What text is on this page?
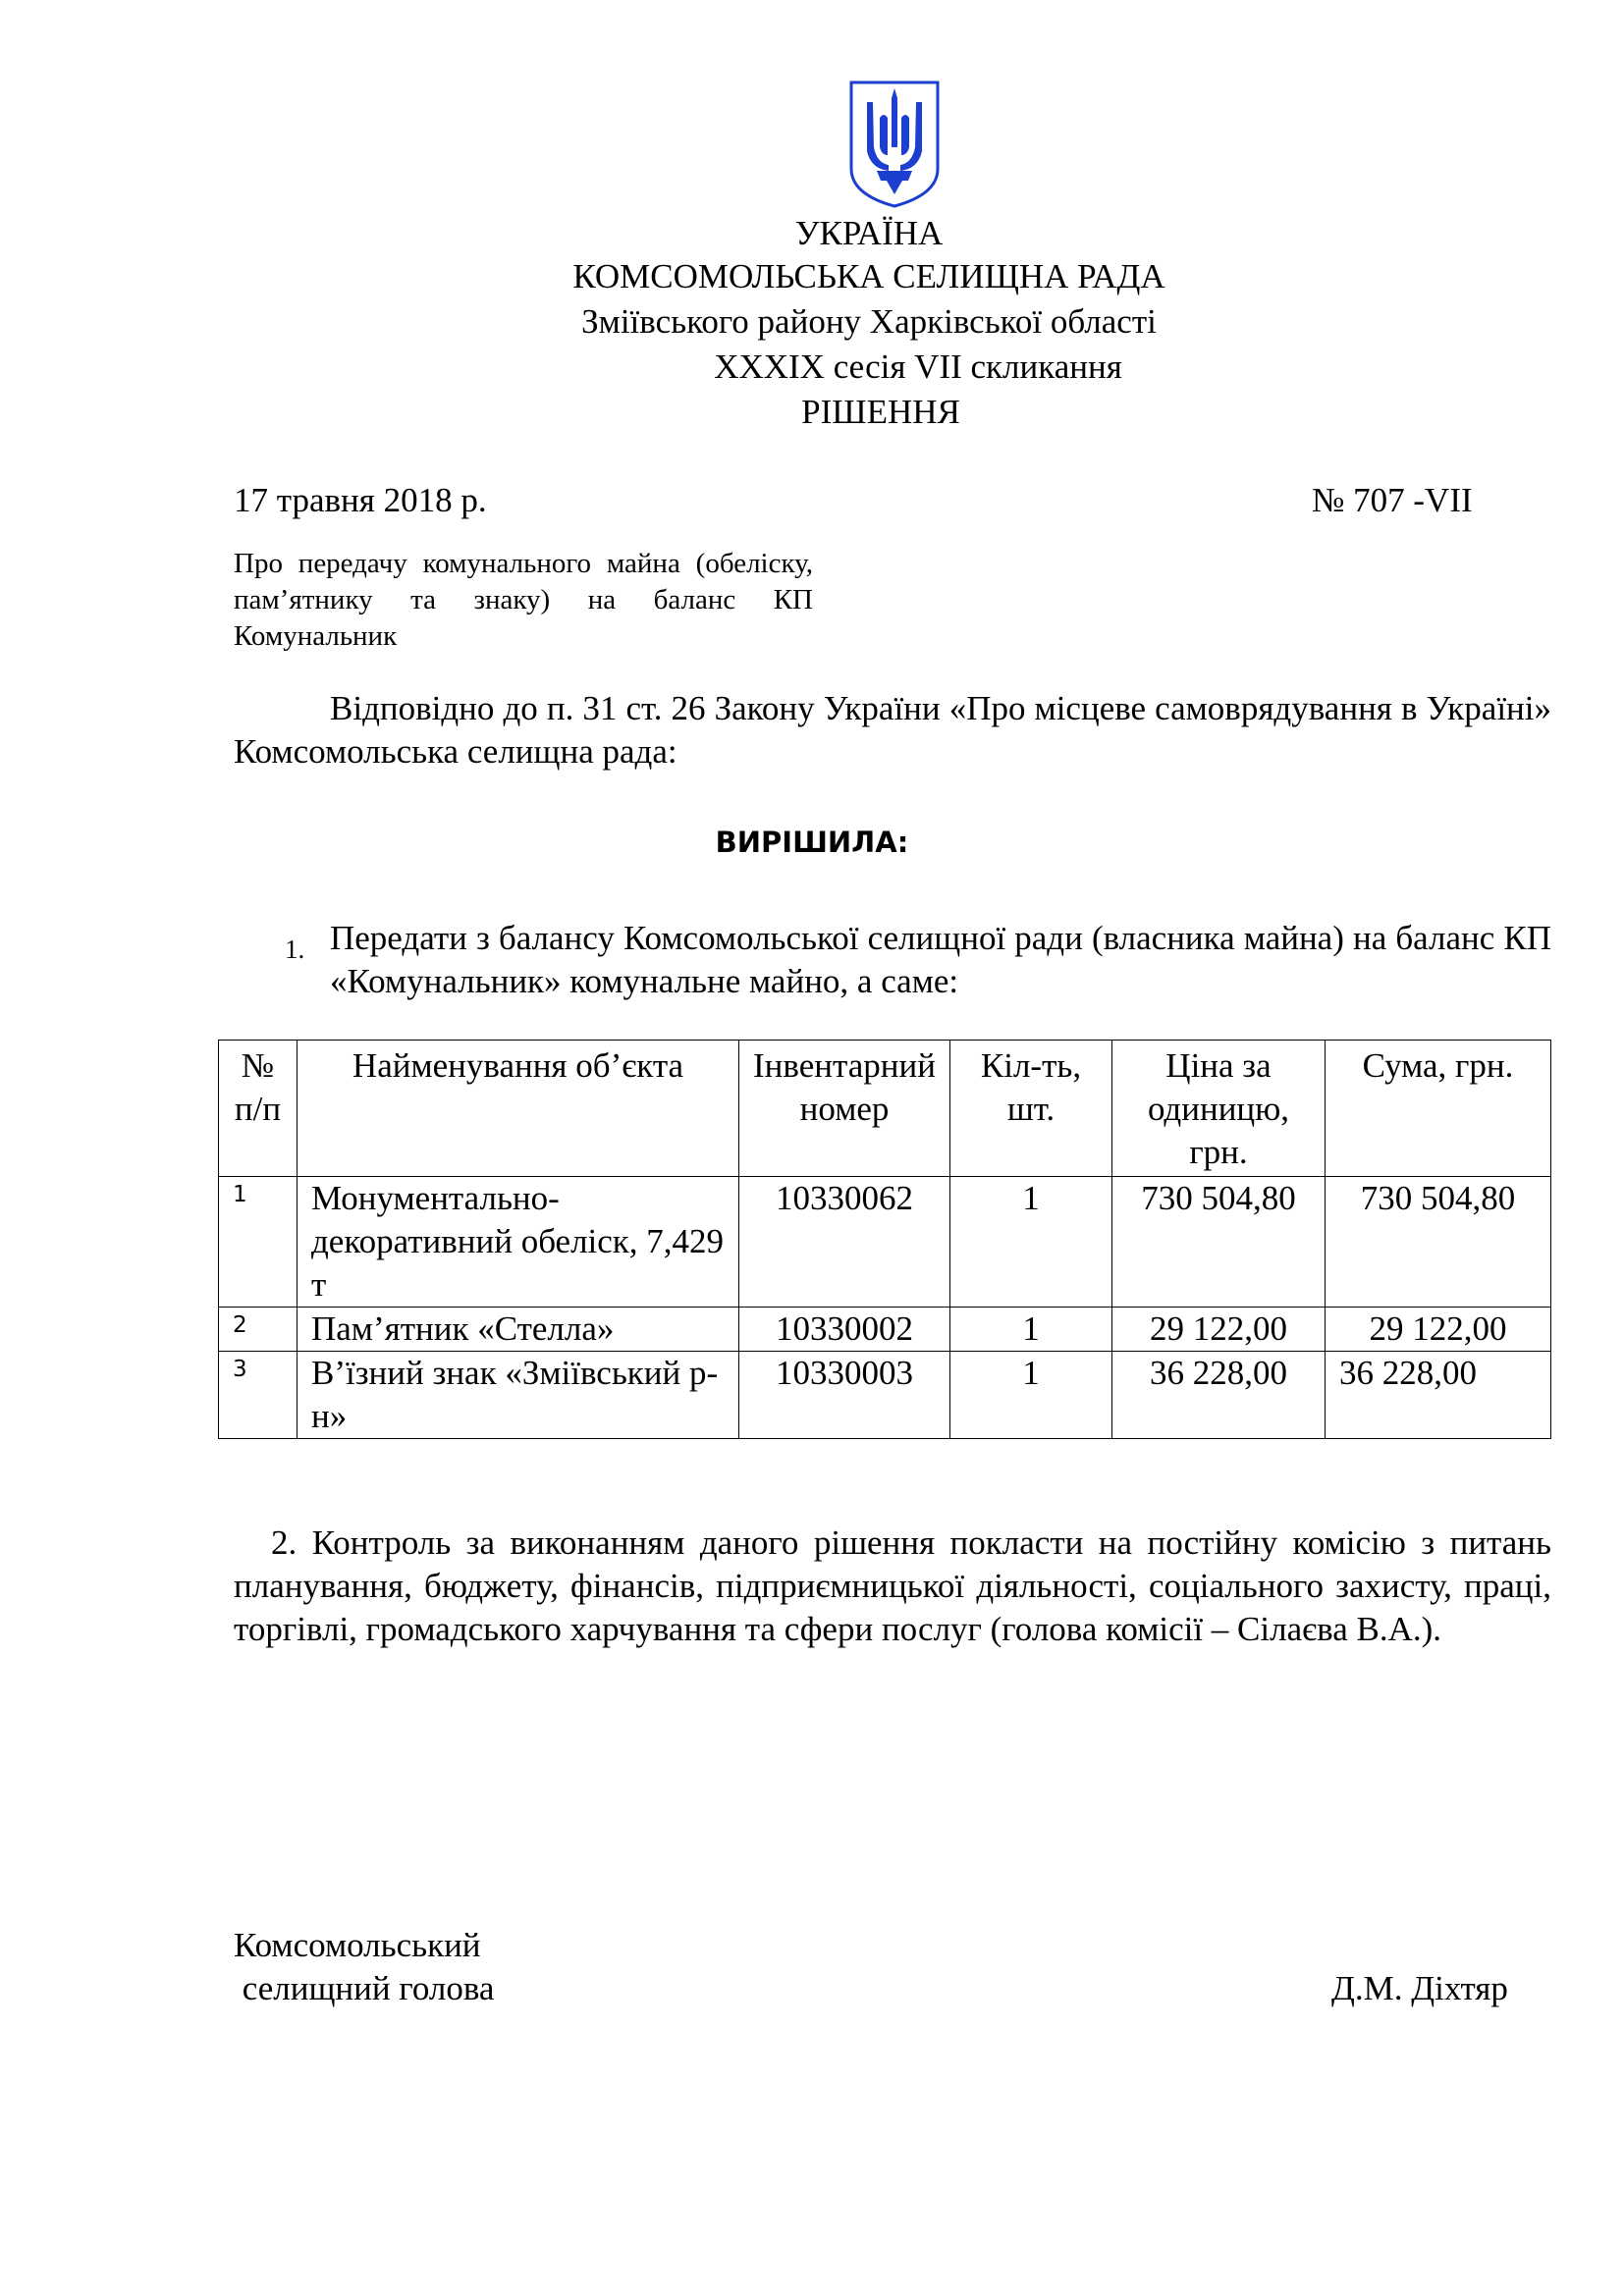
УКРАЇНА
КОМСОМОЛЬСЬКА СЕЛИЩНА РАДА
Зміївського району Харківської області
XXXIX сесія VII скликання
РІШЕННЯ
17 травня 2018 р.	№ 707 -VII
Про передачу комунального майна (обеліску, пам’ятнику та знаку) на баланс КП Комунальник
Відповідно до п. 31 ст. 26 Закону України «Про місцеве самоврядування в Україні» Комсомольська селищна рада:
ВИРІШИЛА:
1. Передати з балансу Комсомольської селищної ради (власника майна) на баланс КП «Комунальник» комунальне майно, а саме:
№ п/п	Найменування об’єкта	Інвентарний номер	Кіл-ть, шт.	Ціна за одиницю, грн.	Сума, грн.
1	Монументально-декоративний обеліск, 7,429 т	10330062	1	730 504,80	730 504,80
2	Пам’ятник «Стелла»	10330002	1	29 122,00	29 122,00
3	В’їзний знак «Зміївський р-н»	10330003	1	36 228,00	36 228,00
2. Контроль за виконанням даного рішення покласти на постійну комісію з питань планування, бюджету, фінансів, підприємницької діяльності, соціального захисту, праці, торгівлі, громадського харчування та сфери послуг (голова комісії – Сілаєва В.А.).
Комсомольський
селищний голова	Д.М. Діхтяр
